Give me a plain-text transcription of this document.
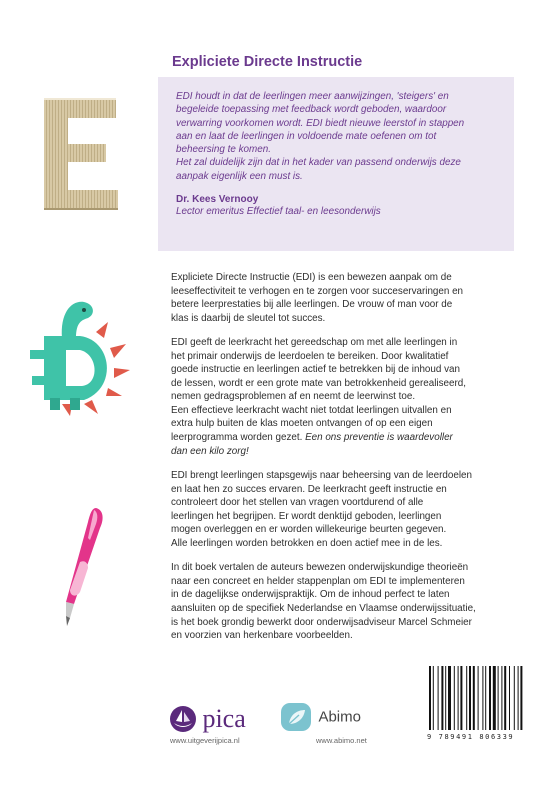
Expliciete Directe Instructie
EDI houdt in dat de leerlingen meer aanwijzingen, 'steigers' en
begeleide toepassing met feedback wordt geboden, waardoor
verwarring voorkomen wordt. EDI biedt nieuwe leerstof in stappen
aan en laat de leerlingen in voldoende mate oefenen om tot
beheersing te komen.
Het zal duidelijk zijn dat in het kader van passend onderwijs deze
aanpak eigenlijk een must is.
Dr. Kees Vernooy
Lector emeritus Effectief taal- en leesonderwijs

Expliciete Directe Instructie (EDI) is een bewezen aanpak om de
leeseffectiviteit te verhogen en te zorgen voor succeservaringen en
betere leerprestaties bij alle leerlingen. De vrouw of man voor de
klas is daarbij de sleutel tot succes.

EDI geeft de leerkracht het gereedschap om met alle leerlingen in
het primair onderwijs de leerdoelen te bereiken. Door kwalitatief
goede instructie en leerlingen actief te betrekken bij de inhoud van
de lessen, wordt er een grote mate van betrokkenheid gerealiseerd,
nemen gedragsproblemen af en neemt de leerwinst toe.
Een effectieve leerkracht wacht niet totdat leerlingen uitvallen en
extra hulp buiten de klas moeten ontvangen of op een eigen
leerprogramma worden gezet. Een ons preventie is waardevoller
dan een kilo zorg!

EDI brengt leerlingen stapsgewijs naar beheersing van de leerdoelen
en laat hen zo succes ervaren. De leerkracht geeft instructie en
controleert door het stellen van vragen voortdurend of alle
leerlingen het begrijpen. Er wordt denktijd geboden, leerlingen
mogen overleggen en er worden willekeurige beurten gegeven.
Alle leerlingen worden betrokken en doen actief mee in de les.

In dit boek vertalen de auteurs bewezen onderwijskundige theorieën
naar een concreet en helder stappenplan om EDI te implementeren
in de dagelijkse onderwijspraktijk. Om de inhoud perfect te laten
aansluiten op de specifiek Nederlandse en Vlaamse onderwijssituatie,
is het boek grondig bewerkt door onderwijsadviseur Marcel Schmeier
en voorzien van herkenbare voorbeelden.

pica
www.uitgeverijpica.nl
Abimo
www.abimo.net	9 789491 806339
